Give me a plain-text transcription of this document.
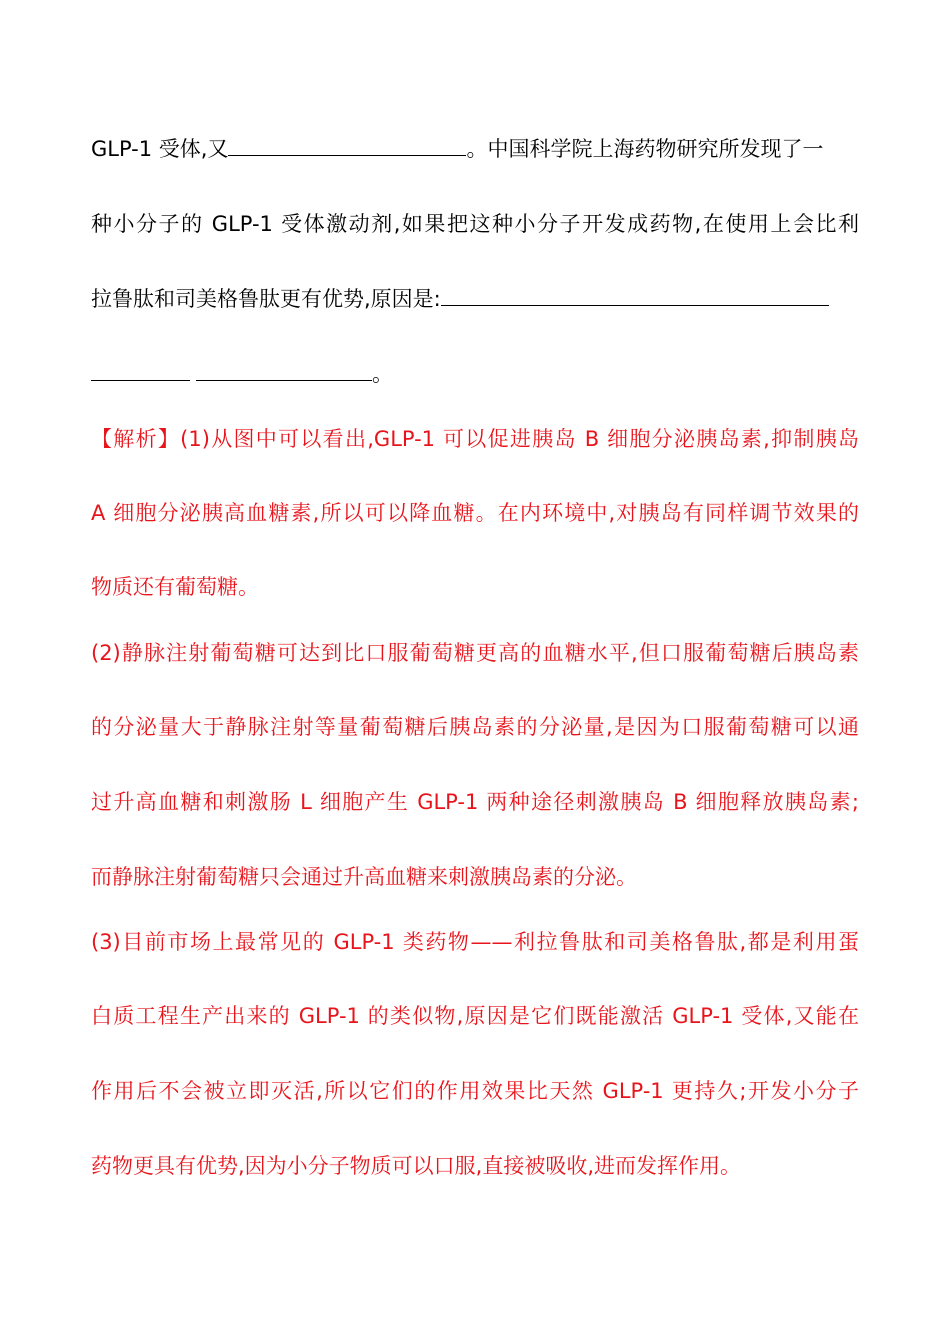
GLP-1 受体,又	。中国科学院上海药物研究所发现了一
种小分子的 GLP-1 受体激动剂,如果把这种小分子开发成药物,在使用上会比利
拉鲁肽和司美格鲁肽更有优势,原因是:
。
【解析】(1)从图中可以看出,GLP-1 可以促进胰岛 B 细胞分泌胰岛素,抑制胰岛
A 细胞分泌胰高血糖素,所以可以降血糖。在内环境中,对胰岛有同样调节效果的
物质还有葡萄糖。
(2)静脉注射葡萄糖可达到比口服葡萄糖更高的血糖水平,但口服葡萄糖后胰岛素
的分泌量大于静脉注射等量葡萄糖后胰岛素的分泌量,是因为口服葡萄糖可以通
过升高血糖和刺激肠 L 细胞产生 GLP-1 两种途径刺激胰岛 B 细胞释放胰岛素;
而静脉注射葡萄糖只会通过升高血糖来刺激胰岛素的分泌。
(3)目前市场上最常见的 GLP-1 类药物——利拉鲁肽和司美格鲁肽,都是利用蛋
白质工程生产出来的 GLP-1 的类似物,原因是它们既能激活 GLP-1 受体,又能在
作用后不会被立即灭活,所以它们的作用效果比天然 GLP-1 更持久;开发小分子
药物更具有优势,因为小分子物质可以口服,直接被吸收,进而发挥作用。
